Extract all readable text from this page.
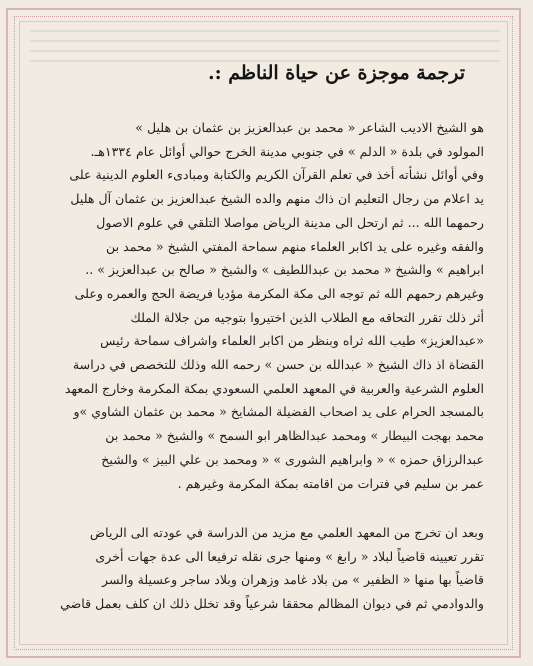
ترجمة موجزة عن حياة الناظم :.
هو الشيخ الاديب الشاعر « محمد بن عبدالعزيز بن عثمان بن هليل »
المولود في بلدة « الدلم » في جنوبي مدينة الخرج حوالي أوائل عام ١٣٣٤هـ.
وفي أوائل نشأته أخذ في تعلم القرآن الكريم والكتابة ومبادىء العلوم الدينية على
يد اعلام من رجال التعليم ان ذاك منهم والده الشيخ عبدالعزيز بن عثمان آل هليل
رحمهما الله ... ثم ارتحل الى مدينة الرياض مواصلا التلقي في علوم الاصول
والفقه وغيره على يد اكابر العلماء منهم سماحة المفتي الشيخ « محمد بن
ابراهيم » والشيخ « محمد بن عبداللطيف » والشيخ « صالح بن عبدالعزيز » ..
وغيرهم رحمهم الله ثم توجه الى مكة المكرمة مؤديا فريضة الحج والعمره وعلى
أثر ذلك تقرر التحاقه مع الطلاب الذين اختيروا بتوجيه من جلالة الملك
«عبدالعزيز» طيب الله ثراه وبنظر من اكابر العلماء واشراف سماحة رئيس
القضاة اذ ذاك الشيخ « عبدالله بن حسن » رحمه الله وذلك للتخصص في دراسة
العلوم الشرعية والعربية في المعهد العلمي السعودي بمكة المكرمة وخارج المعهد
بالمسجد الحرام على يد اصحاب الفضيلة المشايخ « محمد بن عثمان الشاوي »و
محمد بهجت البيطار » ومحمد عبدالظاهر ابو السمح » والشيخ « محمد بن
عبدالرزاق حمزه » « وابراهيم الشورى » « ومحمد بن علي البيز » والشيخ
عمر بن سليم في فترات من اقامته بمكة المكرمة وغيرهم .
وبعد ان تخرج من المعهد العلمي مع مزيد من الدراسة في عودته الى الرياض
تقرر تعيينه قاضياً لبلاد « رابغ » ومنها جرى نقله ترفيعا الى عدة جهات أخرى
قاضياً بها منها « الظفير » من بلاد غامد وزهران وبلاد ساجر وعسيلة والسر
والدوادمي ثم في ديوان المظالم محققا شرعياً وقد تخلل ذلك ان كلف بعمل قاضي
